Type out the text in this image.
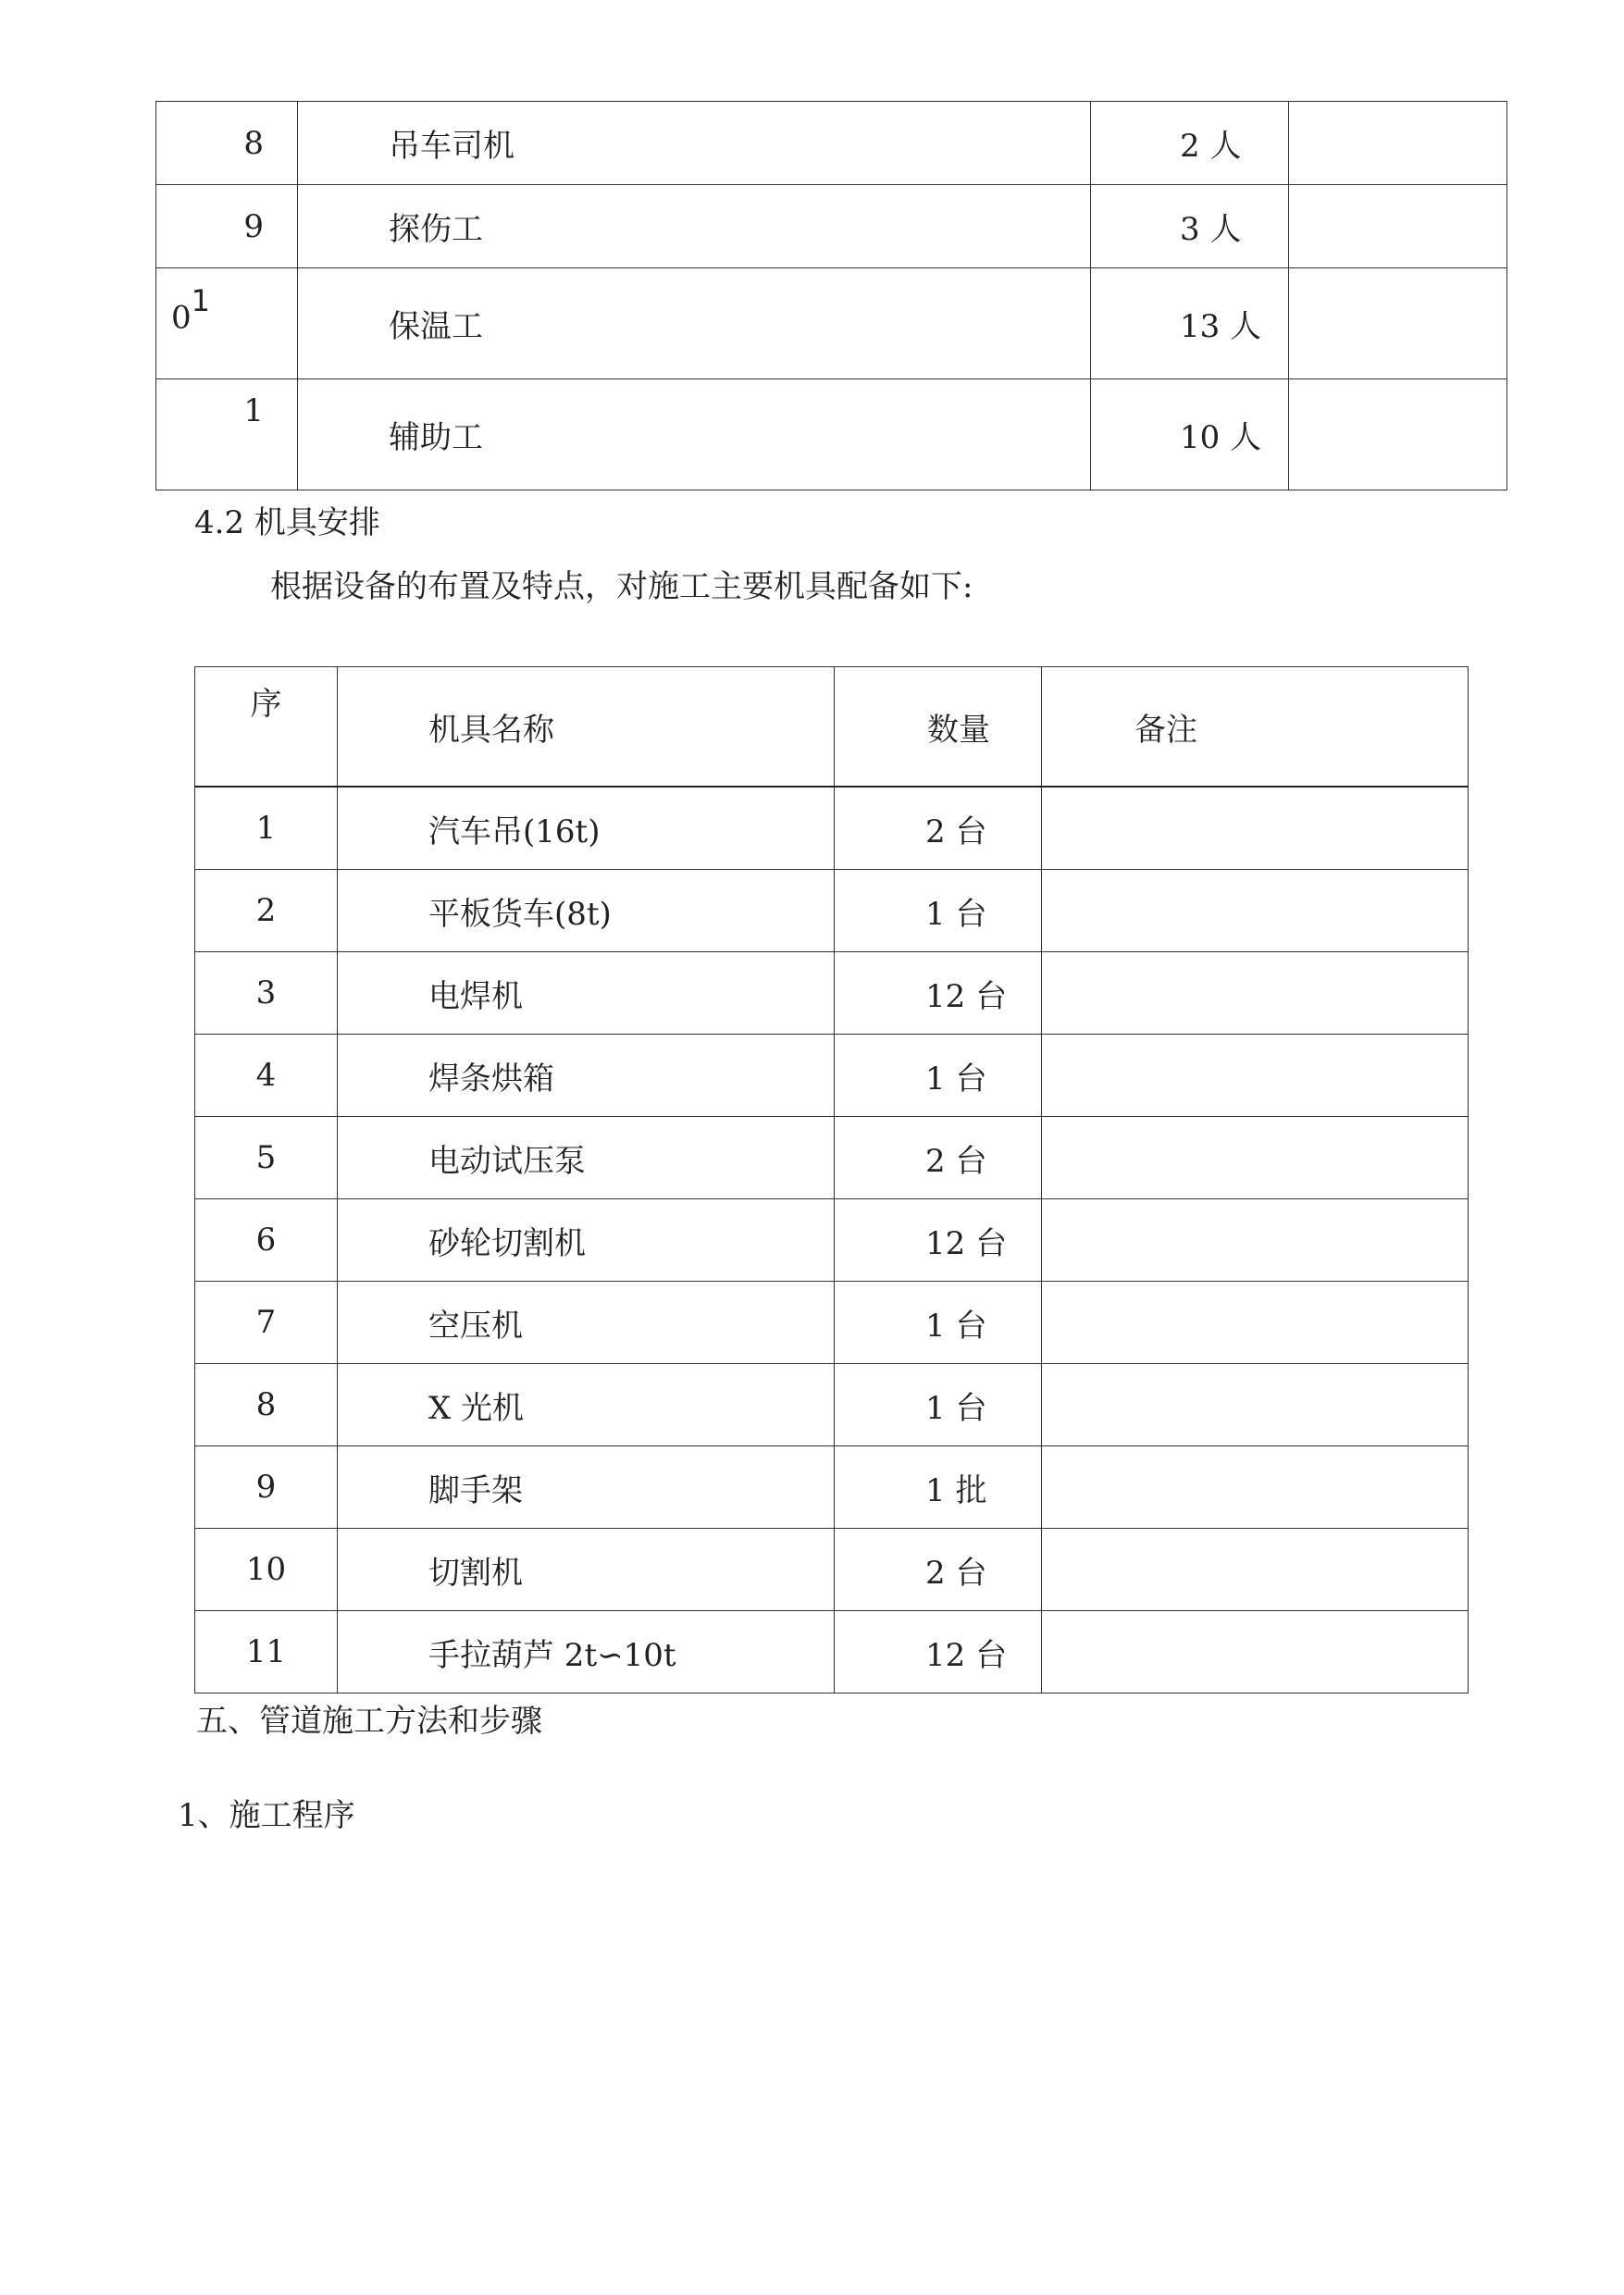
8	吊车司机	2 人	
9	探伤工	3 人	
$0^1$	保温工	13 人	

1	辅助工	10 人	
4.2 机具安排
根据设备的布置及特点，对施工主要机具配备如下:
序	机具名称	数量	备注
1	汽车吊(16t)	2 台	
2	平板货车(8t)	1 台	
3	电焊机	12 台	
4	焊条烘箱	1 台	
5	电动试压泵	2 台	
6	砂轮切割机	12 台	
7	空压机	1 台	
8	X 光机	1 台	
9	脚手架	1 批	
10	切割机	2 台	
11	手拉葫芦 2t∽10t	12 台	
五、管道施工方法和步骤
1、施工程序
